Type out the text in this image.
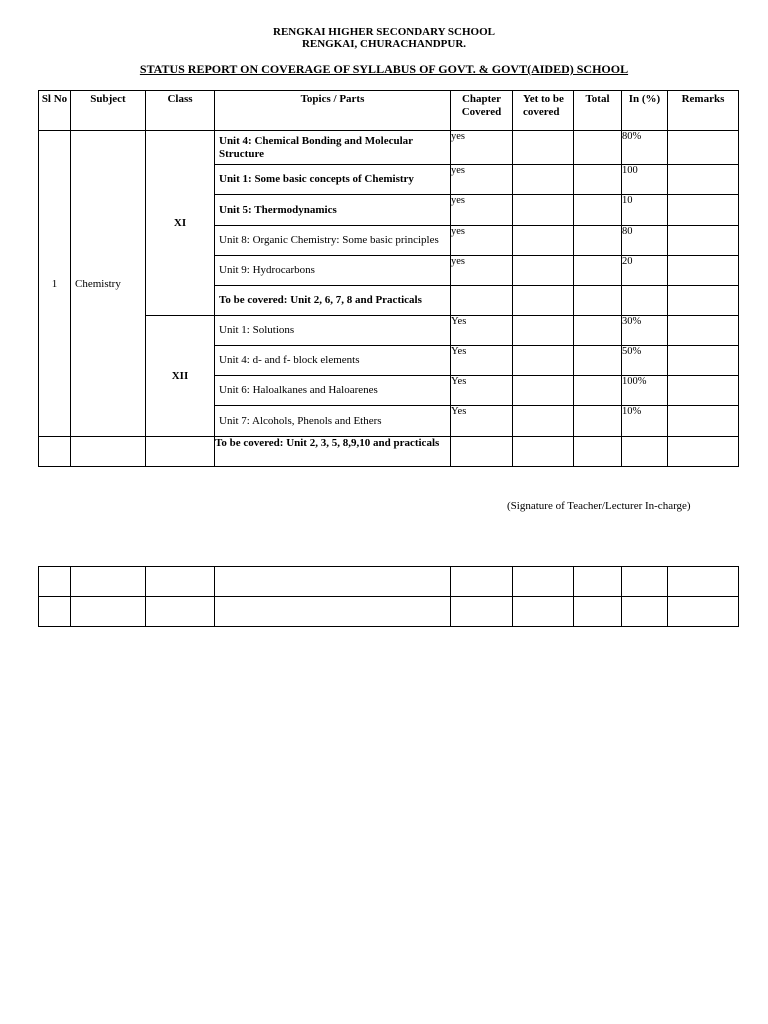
RENGKAI HIGHER SECONDARY SCHOOL
RENGKAI, CHURACHANDPUR.
STATUS REPORT ON COVERAGE OF SYLLABUS OF GOVT. & GOVT(AIDED) SCHOOL
Sl No	Subject	Class	Topics / Parts	Chapter Covered	Yet to be covered	Total	In (%)	Remarks
1	Chemistry	XI	Unit 4: Chemical Bonding and Molecular Structure	yes			80%	
			Unit 1: Some basic concepts of Chemistry	yes			100	
			Unit 5: Thermodynamics	yes			10	
			Unit 8: Organic Chemistry: Some basic principles	yes			80	
			Unit 9: Hydrocarbons	yes			20	
			To be covered: Unit 2, 6, 7, 8 and Practicals					
		XII	Unit 1: Solutions	Yes			30%	
			Unit 4: d- and f- block elements	Yes			50%	
			Unit 6: Haloalkanes and Haloarenes	Yes			100%	
			Unit 7: Alcohols, Phenols and Ethers	Yes			10%	
			To be covered: Unit 2, 3, 5, 8,9,10 and practicals					
(Signature of Teacher/Lecturer In-charge)
